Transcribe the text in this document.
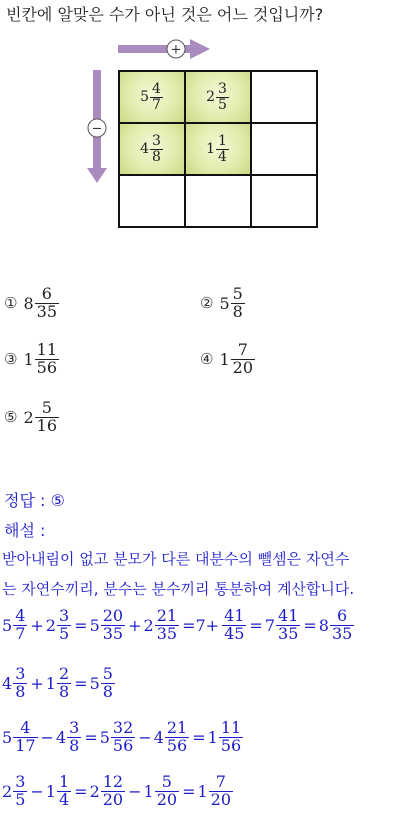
빈칸에 알맞은 수가 아닌 것은 어느 것입니까?
+
−
$5 \frac{4}{7}$	$2 \frac{3}{5}$
$4 \frac{3}{8}$	$1 \frac{1}{4}$
① $8 \frac{6}{35}$	② $5 \frac{5}{8}$
③ $1 \frac{11}{56}$	④ $1 \frac{7}{20}$
⑤ $2 \frac{5}{16}$
정답 : ⑤
해설 :
받아내림이 없고 분모가 다른 대분수의 뺄셈은 자연수
는 자연수끼리, 분수는 분수끼리 통분하여 계산합니다.
$5 \frac{4}{7} + 2 \frac{3}{5} = 5 \frac{20}{35} + 2 \frac{21}{35} =7+ \frac{41}{45} = 7 \frac{41}{35} = 8 \frac{6}{35}$
$4 \frac{3}{8} + 1 \frac{2}{8} = 5 \frac{5}{8}$
$5 \frac{4}{17} - 4 \frac{3}{8} = 5 \frac{32}{56} - 4 \frac{21}{56} = 1 \frac{11}{56}$
$2 \frac{3}{5} - 1 \frac{1}{4} = 2 \frac{12}{20} - 1 \frac{5}{20} = 1 \frac{7}{20}$
